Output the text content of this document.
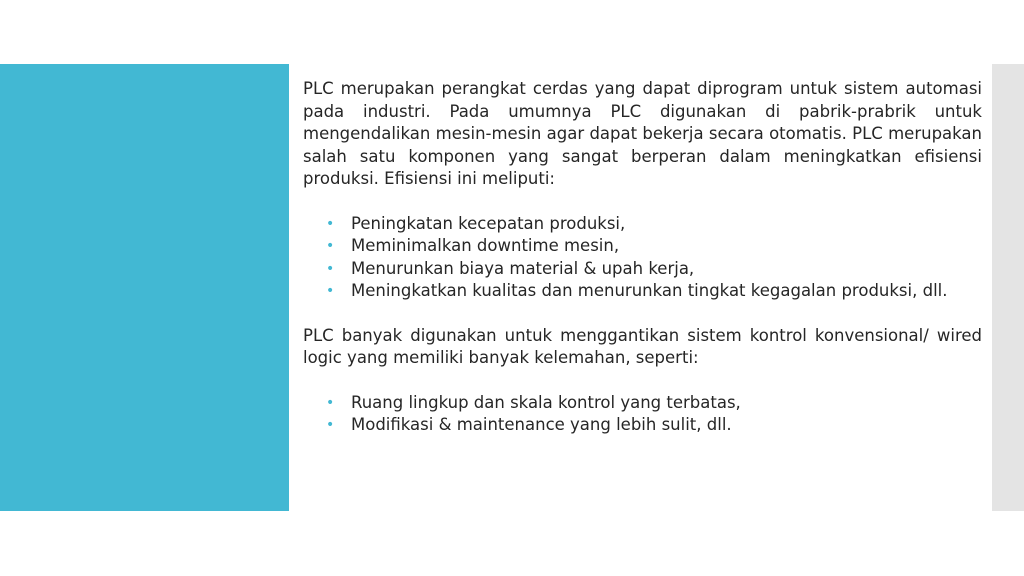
PLC merupakan perangkat cerdas yang dapat diprogram untuk sistem automasi pada industri. Pada umumnya PLC digunakan di pabrik-prabrik untuk mengendalikan mesin-mesin agar dapat bekerja secara otomatis. PLC merupakan salah satu komponen yang sangat berperan dalam meningkatkan efisiensi produksi. Efisiensi ini meliputi:

• Peningkatan kecepatan produksi,
• Meminimalkan downtime mesin,
• Menurunkan biaya material & upah kerja,
• Meningkatkan kualitas dan menurunkan tingkat kegagalan produksi, dll.

PLC banyak digunakan untuk menggantikan sistem kontrol konvensional/ wired logic yang memiliki banyak kelemahan, seperti:

• Ruang lingkup dan skala kontrol yang terbatas,
• Modifikasi & maintenance yang lebih sulit, dll.
